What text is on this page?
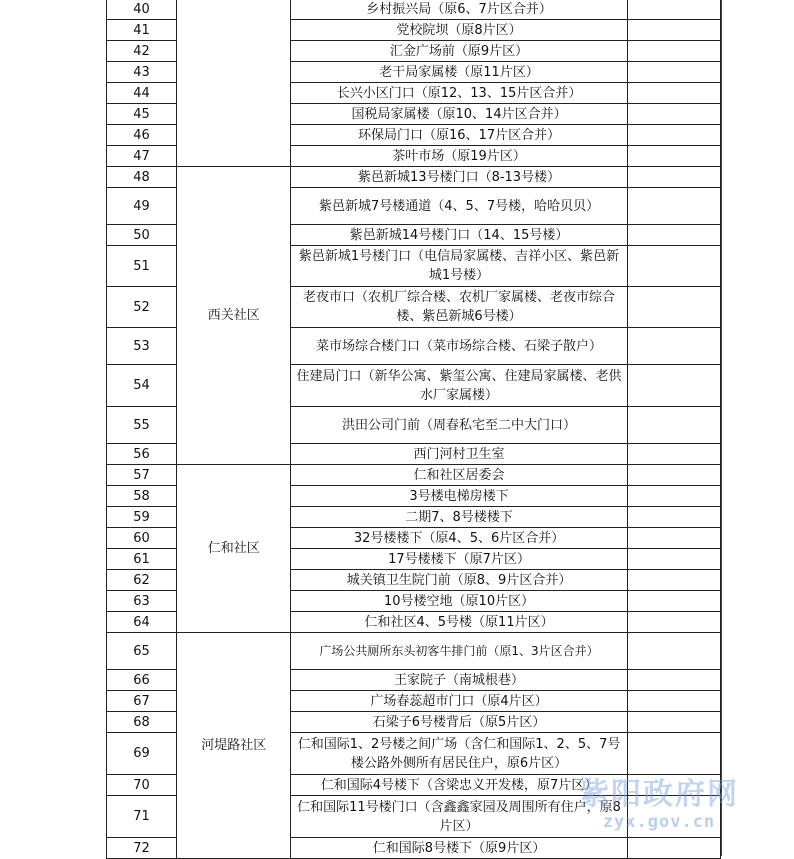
40		乡村振兴局（原6、7片区合并）	
41		党校院坝（原8片区）	
42		汇金广场前（原9片区）	
43		老干局家属楼（原11片区）	
44		长兴小区门口（原12、13、15片区合并）	
45		国税局家属楼（原10、14片区合并）	
46		环保局门口（原16、17片区合并）	
47		茶叶市场（原19片区）	
48	西关社区	紫邑新城13号楼门口（8-13号楼）	
49		紫邑新城7号楼通道（4、5、7号楼，哈哈贝贝）	
50		紫邑新城14号楼门口（14、15号楼）	
51		紫邑新城1号楼门口（电信局家属楼、吉祥小区、紫邑新城1号楼）	
52		老夜市口（农机厂综合楼、农机厂家属楼、老夜市综合楼、紫邑新城6号楼）	
53		菜市场综合楼门口（菜市场综合楼、石梁子散户）	
54		住建局门口（新华公寓、紫玺公寓、住建局家属楼、老供水厂家属楼）	
55		洪田公司门前（周春私宅至二中大门口）	
56		西门河村卫生室	
57	仁和社区	仁和社区居委会	
58		3号楼电梯房楼下	
59		二期7、8号楼楼下	
60		32号楼楼下（原4、5、6片区合并）	
61		17号楼楼下（原7片区）	
62		城关镇卫生院门前（原8、9片区合并）	
63		10号楼空地（原10片区）	
64		仁和社区4、5号楼（原11片区）	
65	河堤路社区	广场公共厕所东头初客牛排门前（原1、3片区合并）	
66		王家院子（南城根巷）	
67		广场春蕊超市门口（原4片区）	
68		石梁子6号楼背后（原5片区）	
69		仁和国际1、2号楼之间广场（含仁和国际1、2、5、7号楼公路外侧所有居民住户，原6片区）	
70		仁和国际4号楼下（含梁忠义开发楼，原7片区）	
71		仁和国际11号楼门口（含鑫鑫家园及周围所有住户，原8片区）	
72		仁和国际8号楼下（原9片区）	
紫阳政府网
zyx.gov.cn
